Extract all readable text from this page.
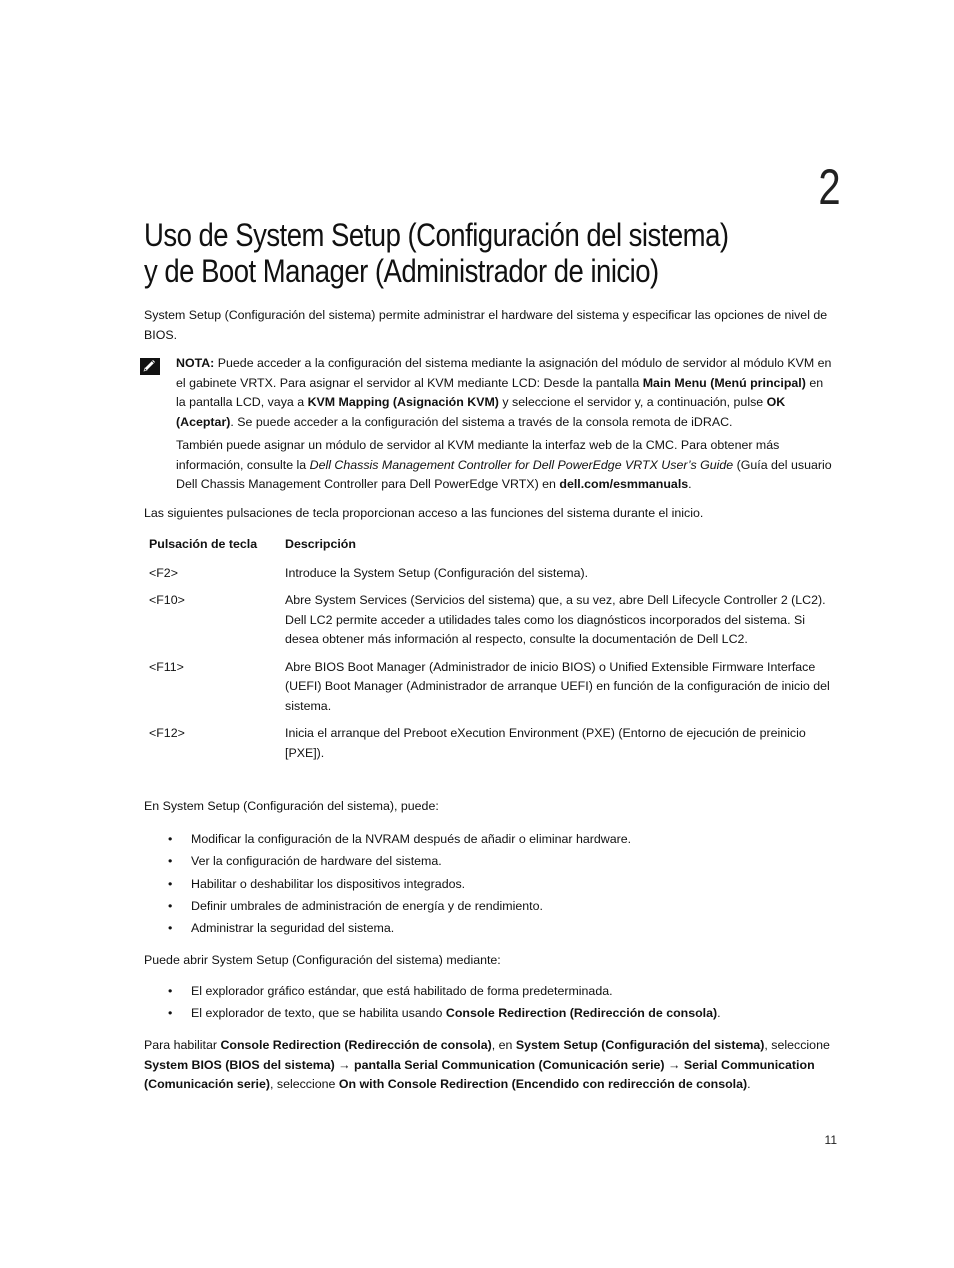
2
Uso de System Setup (Configuración del sistema)
y de Boot Manager (Administrador de inicio)

System Setup (Configuración del sistema) permite administrar el hardware del sistema y especificar las opciones de nivel de BIOS.

NOTA: Puede acceder a la configuración del sistema mediante la asignación del módulo de servidor al módulo KVM en el gabinete VRTX. Para asignar el servidor al KVM mediante LCD: Desde la pantalla Main Menu (Menú principal) en la pantalla LCD, vaya a KVM Mapping (Asignación KVM) y seleccione el servidor y, a continuación, pulse OK (Aceptar). Se puede acceder a la configuración del sistema a través de la consola remota de iDRAC.

También puede asignar un módulo de servidor al KVM mediante la interfaz web de la CMC. Para obtener más información, consulte la Dell Chassis Management Controller for Dell PowerEdge VRTX User’s Guide (Guía del usuario Dell Chassis Management Controller para Dell PowerEdge VRTX) en dell.com/esmmanuals.

Las siguientes pulsaciones de tecla proporcionan acceso a las funciones del sistema durante el inicio.

Pulsación de tecla	Descripción
<F2>	Introduce la System Setup (Configuración del sistema).
<F10>	Abre System Services (Servicios del sistema) que, a su vez, abre Dell Lifecycle Controller 2 (LC2). Dell LC2 permite acceder a utilidades tales como los diagnósticos incorporados del sistema. Si desea obtener más información al respecto, consulte la documentación de Dell LC2.
<F11>	Abre BIOS Boot Manager (Administrador de inicio BIOS) o Unified Extensible Firmware Interface (UEFI) Boot Manager (Administrador de arranque UEFI) en función de la configuración de inicio del sistema.
<F12>	Inicia el arranque del Preboot eXecution Environment (PXE) (Entorno de ejecución de preinicio [PXE]).

En System Setup (Configuración del sistema), puede:

• Modificar la configuración de la NVRAM después de añadir o eliminar hardware.
• Ver la configuración de hardware del sistema.
• Habilitar o deshabilitar los dispositivos integrados.
• Definir umbrales de administración de energía y de rendimiento.
• Administrar la seguridad del sistema.

Puede abrir System Setup (Configuración del sistema) mediante:

• El explorador gráfico estándar, que está habilitado de forma predeterminada.
• El explorador de texto, que se habilita usando Console Redirection (Redirección de consola).

Para habilitar Console Redirection (Redirección de consola), en System Setup (Configuración del sistema), seleccione System BIOS (BIOS del sistema) → pantalla Serial Communication (Comunicación serie) → Serial Communication (Comunicación serie), seleccione On with Console Redirection (Encendido con redirección de consola).

11
